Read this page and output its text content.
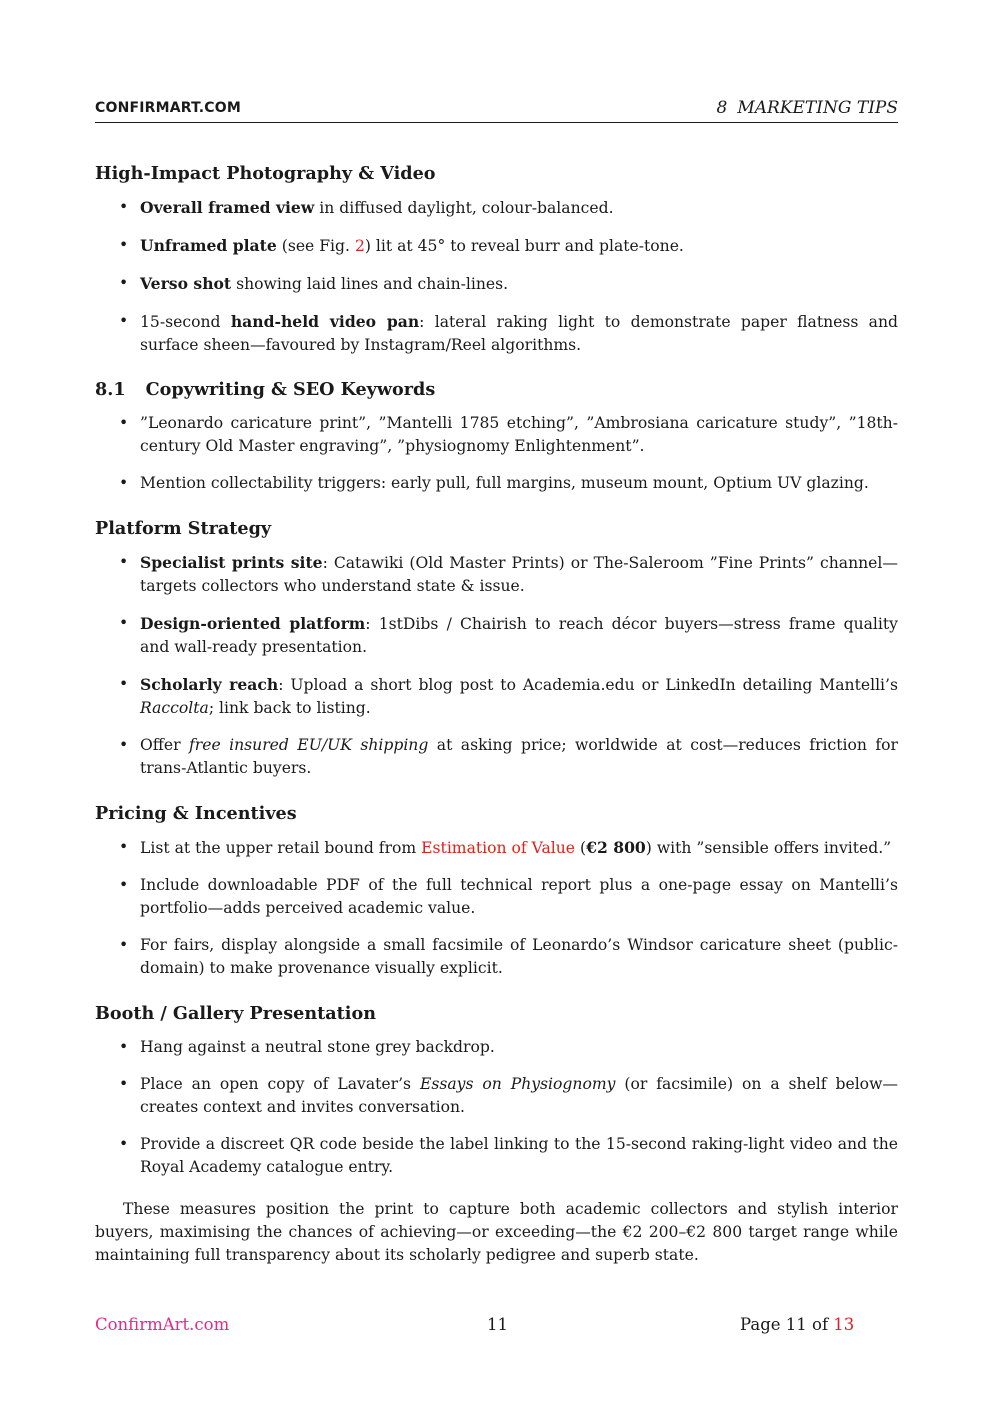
CONFIRMART.COM	8 MARKETING TIPS
High-Impact Photography & Video
• Overall framed view in diffused daylight, colour-balanced.
• Unframed plate (see Fig. 2) lit at 45° to reveal burr and plate-tone.
• Verso shot showing laid lines and chain-lines.
• 15-second hand-held video pan: lateral raking light to demonstrate paper flatness and surface sheen—favoured by Instagram/Reel algorithms.
8.1 Copywriting & SEO Keywords
• ”Leonardo caricature print”, ”Mantelli 1785 etching”, ”Ambrosiana caricature study”, ”18th-century Old Master engraving”, ”physiognomy Enlightenment”.
• Mention collectability triggers: early pull, full margins, museum mount, Optium UV glazing.
Platform Strategy
• Specialist prints site: Catawiki (Old Master Prints) or The-Saleroom ”Fine Prints” channel—targets collectors who understand state & issue.
• Design-oriented platform: 1stDibs / Chairish to reach décor buyers—stress frame quality and wall-ready presentation.
• Scholarly reach: Upload a short blog post to Academia.edu or LinkedIn detailing Mantelli’s Raccolta; link back to listing.
• Offer free insured EU/UK shipping at asking price; worldwide at cost—reduces friction for trans-Atlantic buyers.
Pricing & Incentives
• List at the upper retail bound from Estimation of Value (€2 800) with ”sensible offers invited.”
• Include downloadable PDF of the full technical report plus a one-page essay on Mantelli’s portfolio—adds perceived academic value.
• For fairs, display alongside a small facsimile of Leonardo’s Windsor caricature sheet (public-domain) to make provenance visually explicit.
Booth / Gallery Presentation
• Hang against a neutral stone grey backdrop.
• Place an open copy of Lavater’s Essays on Physiognomy (or facsimile) on a shelf below—creates context and invites conversation.
• Provide a discreet QR code beside the label linking to the 15-second raking-light video and the Royal Academy catalogue entry.

These measures position the print to capture both academic collectors and stylish interior buyers, maximising the chances of achieving—or exceeding—the €2 200–€2 800 target range while maintaining full transparency about its scholarly pedigree and superb state.

ConfirmArt.com	11	Page 11 of 13
